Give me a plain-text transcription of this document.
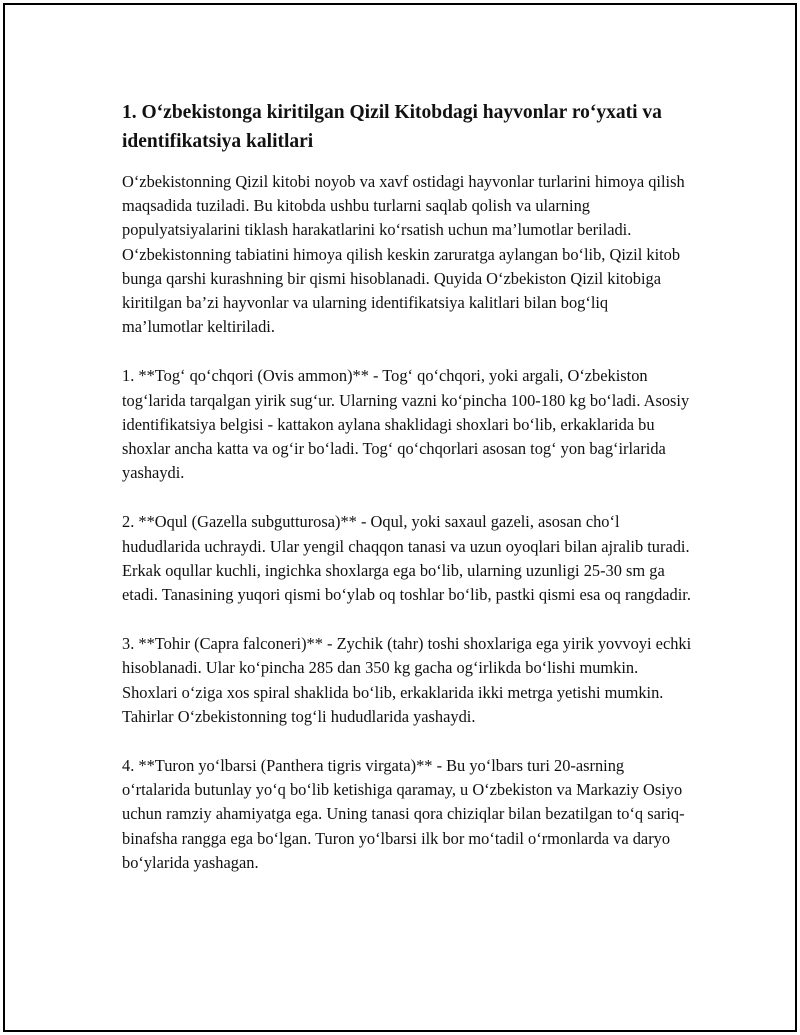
1. O‘zbekistonga kiritilgan Qizil Kitobdagi hayvonlar ro‘yxati va identifikatsiya kalitlari

O‘zbekistonning Qizil kitobi noyob va xavf ostidagi hayvonlar turlarini himoya qilish maqsadida tuziladi. Bu kitobda ushbu turlarni saqlab qolish va ularning populyatsiyalarini tiklash harakatlarini ko‘rsatish uchun ma’lumotlar beriladi. O‘zbekistonning tabiatini himoya qilish keskin zaruratga aylangan bo‘lib, Qizil kitob bunga qarshi kurashning bir qismi hisoblanadi. Quyida O‘zbekiston Qizil kitobiga kiritilgan ba’zi hayvonlar va ularning identifikatsiya kalitlari bilan bog‘liq ma’lumotlar keltiriladi.

1. **Tog‘ qo‘chqori (Ovis ammon)** - Tog‘ qo‘chqori, yoki argali, O‘zbekiston tog‘larida tarqalgan yirik sug‘ur. Ularning vazni ko‘pincha 100-180 kg bo‘ladi. Asosiy identifikatsiya belgisi - kattakon aylana shaklidagi shoxlari bo‘lib, erkaklarida bu shoxlar ancha katta va og‘ir bo‘ladi. Tog‘ qo‘chqorlari asosan tog‘ yon bag‘irlarida yashaydi.

2. **Oqul (Gazella subgutturosa)** - Oqul, yoki saxaul gazeli, asosan cho‘l hududlarida uchraydi. Ular yengil chaqqon tanasi va uzun oyoqlari bilan ajralib turadi. Erkak oqullar kuchli, ingichka shoxlarga ega bo‘lib, ularning uzunligi 25-30 sm ga etadi. Tanasining yuqori qismi bo‘ylab oq toshlar bo‘lib, pastki qismi esa oq rangdadir.

3. **Tohir (Capra falconeri)** - Zychik (tahr) toshi shoxlariga ega yirik yovvoyi echki hisoblanadi. Ular ko‘pincha 285 dan 350 kg gacha og‘irlikda bo‘lishi mumkin. Shoxlari o‘ziga xos spiral shaklida bo‘lib, erkaklarida ikki metrga yetishi mumkin. Tahirlar O‘zbekistonning tog‘li hududlarida yashaydi.

4. **Turon yo‘lbarsi (Panthera tigris virgata)** - Bu yo‘lbars turi 20-asrning o‘rtalarida butunlay yo‘q bo‘lib ketishiga qaramay, u O‘zbekiston va Markaziy Osiyo uchun ramziy ahamiyatga ega. Uning tanasi qora chiziqlar bilan bezatilgan to‘q sariq-binafsha rangga ega bo‘lgan. Turon yo‘lbarsi ilk bor mo‘tadil o‘rmonlarda va daryo bo‘ylarida yashagan.
